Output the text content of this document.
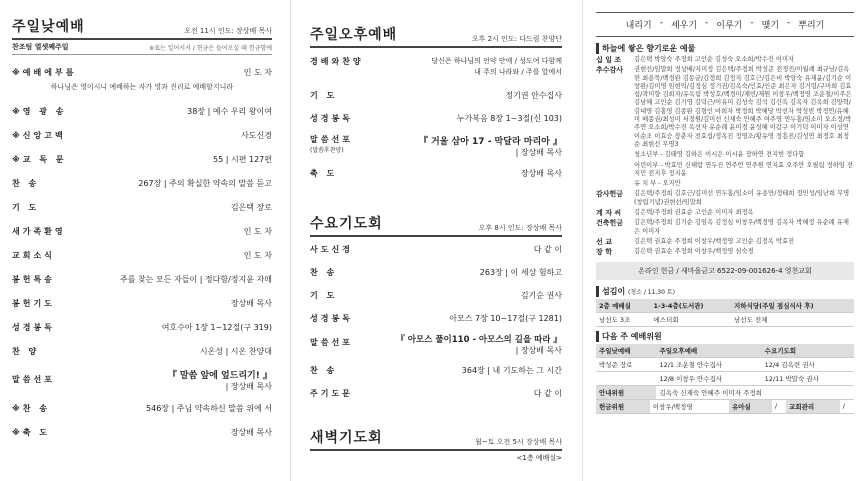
주일낮예배	오전 11시 인도: 장상배 목사
찬조팀 열셋째주일	※표는 일어서서 / 현금은 들어오실 때 헌금함에
※예배에부름	인 도 자
하나님은 영이시니 예배하는 자가 영과 진리로 예배할지니라
※영 광 송	38장 | 예수 우리 왕이여
※신앙고백	사도신경
※교 독 문	55 | 시편 127편
찬 송	267장 | 주의 확실한 약속의 말씀 듣고
기 도	김은택 장로
새가족환영	인 도 자
교회소식	인 도 자
봉헌특송	주를 찾는 모든 자들이 | 정다함/정지윤 자매
봉헌기도	장상배 목사
성경봉독	여호수아 1장 1~12절(구 319)
찬 양	시온성 | 시온 찬양대
말씀선포	『 말씀 앞에 엎드리기! 』
| 장상배 목사
※찬 송	546장 | 주님 약속하신 말씀 위에 서
※축 도	장상배 목사
주일오후예배	오후 2시 인도: 다드림 찬양단
경배와찬양	당신은 하나님의 언약 안에 / 성도여 다함께
내 주의 나라와 / 주를 앞에서
기 도	정기권 안수집사
성경봉독	누가복음 8장 1~3절(신 103)
말씀선포
(말씀후찬양)
『 거울 삼아 17 - 막달라 마리아 』
| 장상배 목사
축 도	장상배 목사
수요기도회	오후 8시 인도: 장상배 목사
사도신경	다 같 이
찬 송	263장 | 이 세상 험하고
기 도	김기순 권사
성경봉독	아모스 7장 10~17절(구 1281)
말씀선포	『 아모스 풀이110 - 아모스의 길을 따라 』
| 장상배 목사
찬 송	364장 | 내 기도하는 그 시간
주기도문	다 같 이
새벽기도회	월~토 오전 5시 장상배 목사
<1층 예배실>
내리기 - 세우기 - 이루기 - 맺기 - 뿌리기
하늘에 쌓은 향기로운 예물
십 일 조	김은택 박앙숙 주정희 고인순 김성숙 오소희/박수진 이미자
추수감사	권현선/임말희 정상배/지미정 김은택/주정희 박성준 전경진/이월례 최규남/김옥련 최용묵/백경완 김동균/김정희 김정자 김호근/김은비 박앙숙 유재윤/김기순 이창완/김미영 임현익/김정심 정기권/김옥숙/인효/인준 최은자 김거령/구미희 김효섭/곽미향 김희자/유옥림 박성호/백경미/재민/재원 이창우/백정영 조운철/이주은 김남혜 고인순 김기영 김덕근/이유미 김성숙 김석 김신옥 김옥자 김옥희 김양혁/김대영 김홍영 김종완 김형인 마희자 박정희 박혜당 박선자 박성빈 박정연/유혜미 배종권/최성미 서정원/김미선 신재숙 안혜주 여주영 연두홍/임소미 오소정/박주연 오소희/박수진 옥선자 유순례 윤미경 윤성혜 이갑구 이기덕 이미자 이성연 이순조 이효승 장춘자 전효섭/정옥진 정영조/황유영 정흥진/김성연 최정호 최정순 최현선 무명3
청소년부 - 김태영 김하은 이시은 이시윤 장하연 전지헌 정다함
어린이부 - 박효민 신해람 연두진 연주언 연주원 연지효 오주안 오필립 정하임 전지민 전지후 정지윤
유 치 부 - 오지안
감사헌금	김은택/주정희 김호근/김미선 연두홍/임소미 유용만/정태희 정민성/임난희 무명 (창립기념)권현선/임말희
계 자 씨	김은택/주정희 권효순 고인순 이미자 최정옥
건축헌금	김은택/주정희 김기순 김임옥 김정심 이창우/백정영 김옥자 박혜정 유순례 유재은 이미자
선 교	김은택 권효순 주정희 이창우/백정영 고인순 김정옥 박효진
장 학	김은택 권효순 주정희 이창우/백정영 심숙경
온라인 헌금 / 새마을금고 6522-09-001626-4 영천교회
섬김이 (청소 / 11.30 토)
2층 예배실	1-3-4층(도서관)	지하식당(주일 점심식사 후)
남선도 3조	에스더회	남선도 전체
다음 주 예배위원
주일낮예배	주일오후예배	수요기도회
박성준 장로	12/1 조운철 안수집사	12/4 김옥련 권사
	12/8 이창우 안수집사	12/11 박말숙 권사
안내위원	김옥숙 신재숙 안혜주 이미자 주정희	
헌금위원	이창우/백정영	유아실	/	교회관리	/
